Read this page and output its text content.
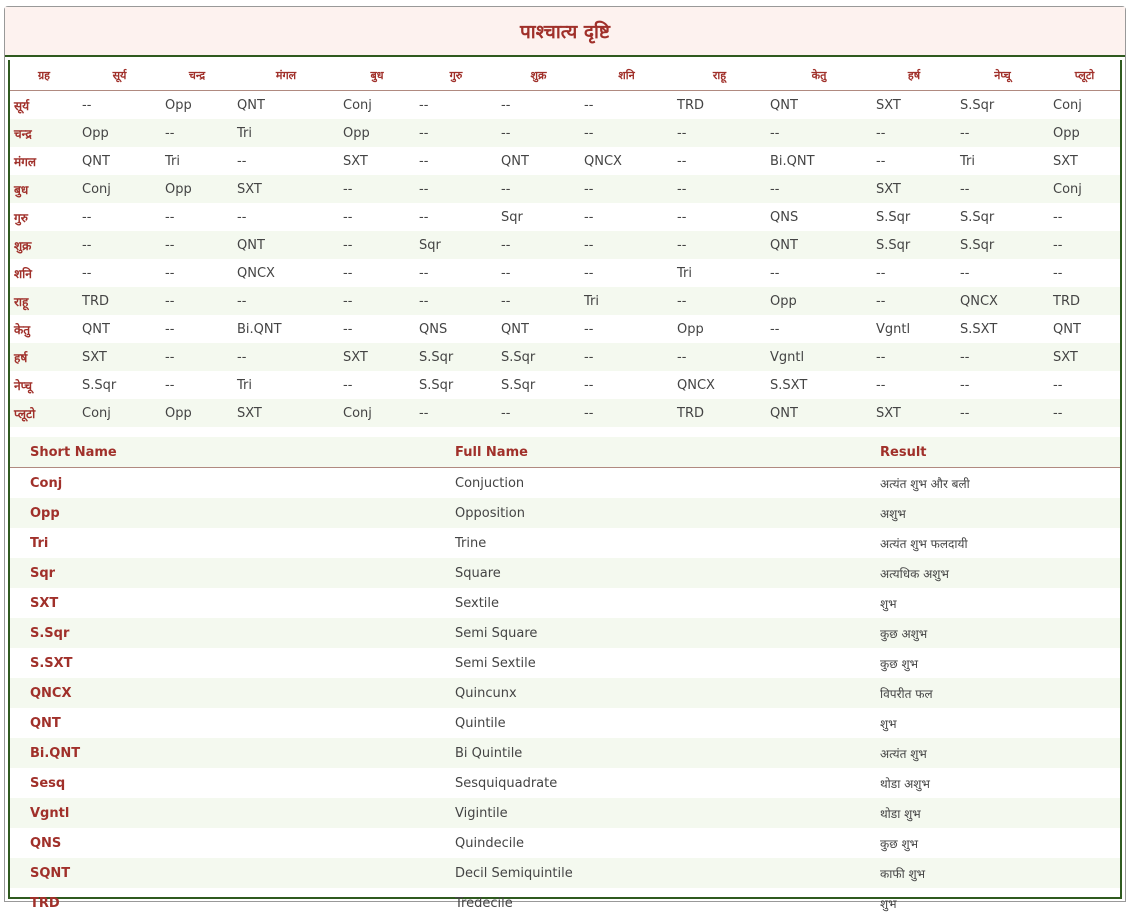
पाश्चात्य दृष्टि
ग्रह	सूर्य	चन्द्र	मंगल	बुध	गुरु	शुक्र	शनि	राहू	केतु	हर्ष	नेप्चू	प्लूटो
सूर्य	--	Opp	QNT	Conj	--	--	--	TRD	QNT	SXT	S.Sqr	Conj
चन्द्र	Opp	--	Tri	Opp	--	--	--	--	--	--	--	Opp
मंगल	QNT	Tri	--	SXT	--	QNT	QNCX	--	Bi.QNT	--	Tri	SXT
बुध	Conj	Opp	SXT	--	--	--	--	--	--	SXT	--	Conj
गुरु	--	--	--	--	--	Sqr	--	--	QNS	S.Sqr	S.Sqr	--
शुक्र	--	--	QNT	--	Sqr	--	--	--	QNT	S.Sqr	S.Sqr	--
शनि	--	--	QNCX	--	--	--	--	Tri	--	--	--	--
राहू	TRD	--	--	--	--	--	Tri	--	Opp	--	QNCX	TRD
केतु	QNT	--	Bi.QNT	--	QNS	QNT	--	Opp	--	Vgntl	S.SXT	QNT
हर्ष	SXT	--	--	SXT	S.Sqr	S.Sqr	--	--	Vgntl	--	--	SXT
नेप्चू	S.Sqr	--	Tri	--	S.Sqr	S.Sqr	--	QNCX	S.SXT	--	--	--
प्लूटो	Conj	Opp	SXT	Conj	--	--	--	TRD	QNT	SXT	--	--
Short Name	Full Name	Result
Conj	Conjuction	अत्यंत शुभ और बली
Opp	Opposition	अशुभ
Tri	Trine	अत्यंत शुभ फलदायी
Sqr	Square	अत्यधिक अशुभ
SXT	Sextile	शुभ
S.Sqr	Semi Square	कुछ अशुभ
S.SXT	Semi Sextile	कुछ शुभ
QNCX	Quincunx	विपरीत फल
QNT	Quintile	शुभ
Bi.QNT	Bi Quintile	अत्यंत शुभ
Sesq	Sesquiquadrate	थोडा अशुभ
Vgntl	Vigintile	थोडा शुभ
QNS	Quindecile	कुछ शुभ
SQNT	Decil Semiquintile	काफी शुभ
TRD	Tredecile	शुभ
